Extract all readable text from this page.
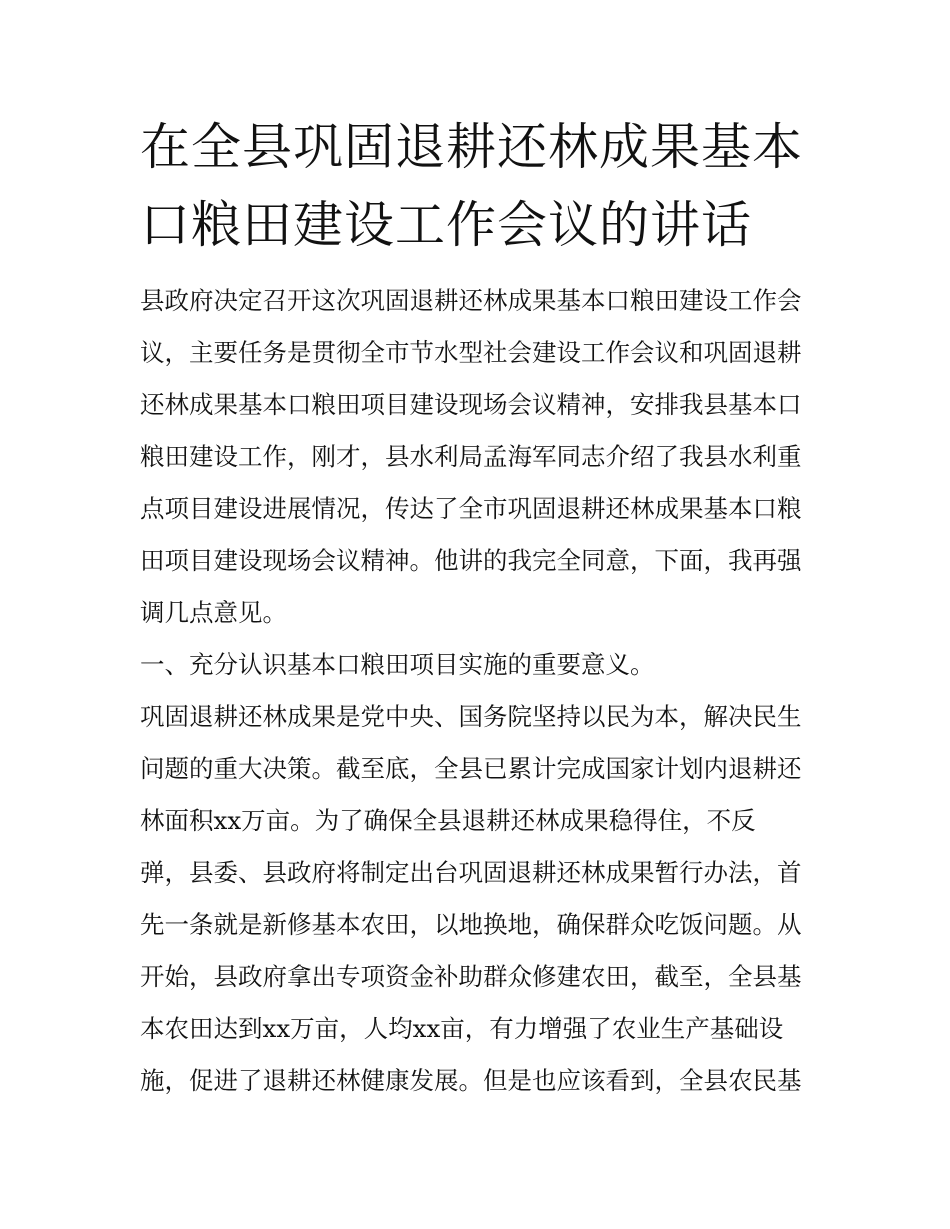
在全县巩固退耕还林成果基本
口粮田建设工作会议的讲话

县政府决定召开这次巩固退耕还林成果基本口粮田建设工作会

议，主要任务是贯彻全市节水型社会建设工作会议和巩固退耕

还林成果基本口粮田项目建设现场会议精神，安排我县基本口

粮田建设工作，刚才，县水利局孟海军同志介绍了我县水利重

点项目建设进展情况，传达了全市巩固退耕还林成果基本口粮

田项目建设现场会议精神。他讲的我完全同意，下面，我再强

调几点意见。

一、充分认识基本口粮田项目实施的重要意义。

巩固退耕还林成果是党中央、国务院坚持以民为本，解决民生

问题的重大决策。截至底，全县已累计完成国家计划内退耕还

林面积xx万亩。为了确保全县退耕还林成果稳得住，不反

弹，县委、县政府将制定出台巩固退耕还林成果暂行办法，首

先一条就是新修基本农田，以地换地，确保群众吃饭问题。从

开始，县政府拿出专项资金补助群众修建农田，截至，全县基

本农田达到xx万亩，人均xx亩，有力增强了农业生产基础设

施，促进了退耕还林健康发展。但是也应该看到，全县农民基
